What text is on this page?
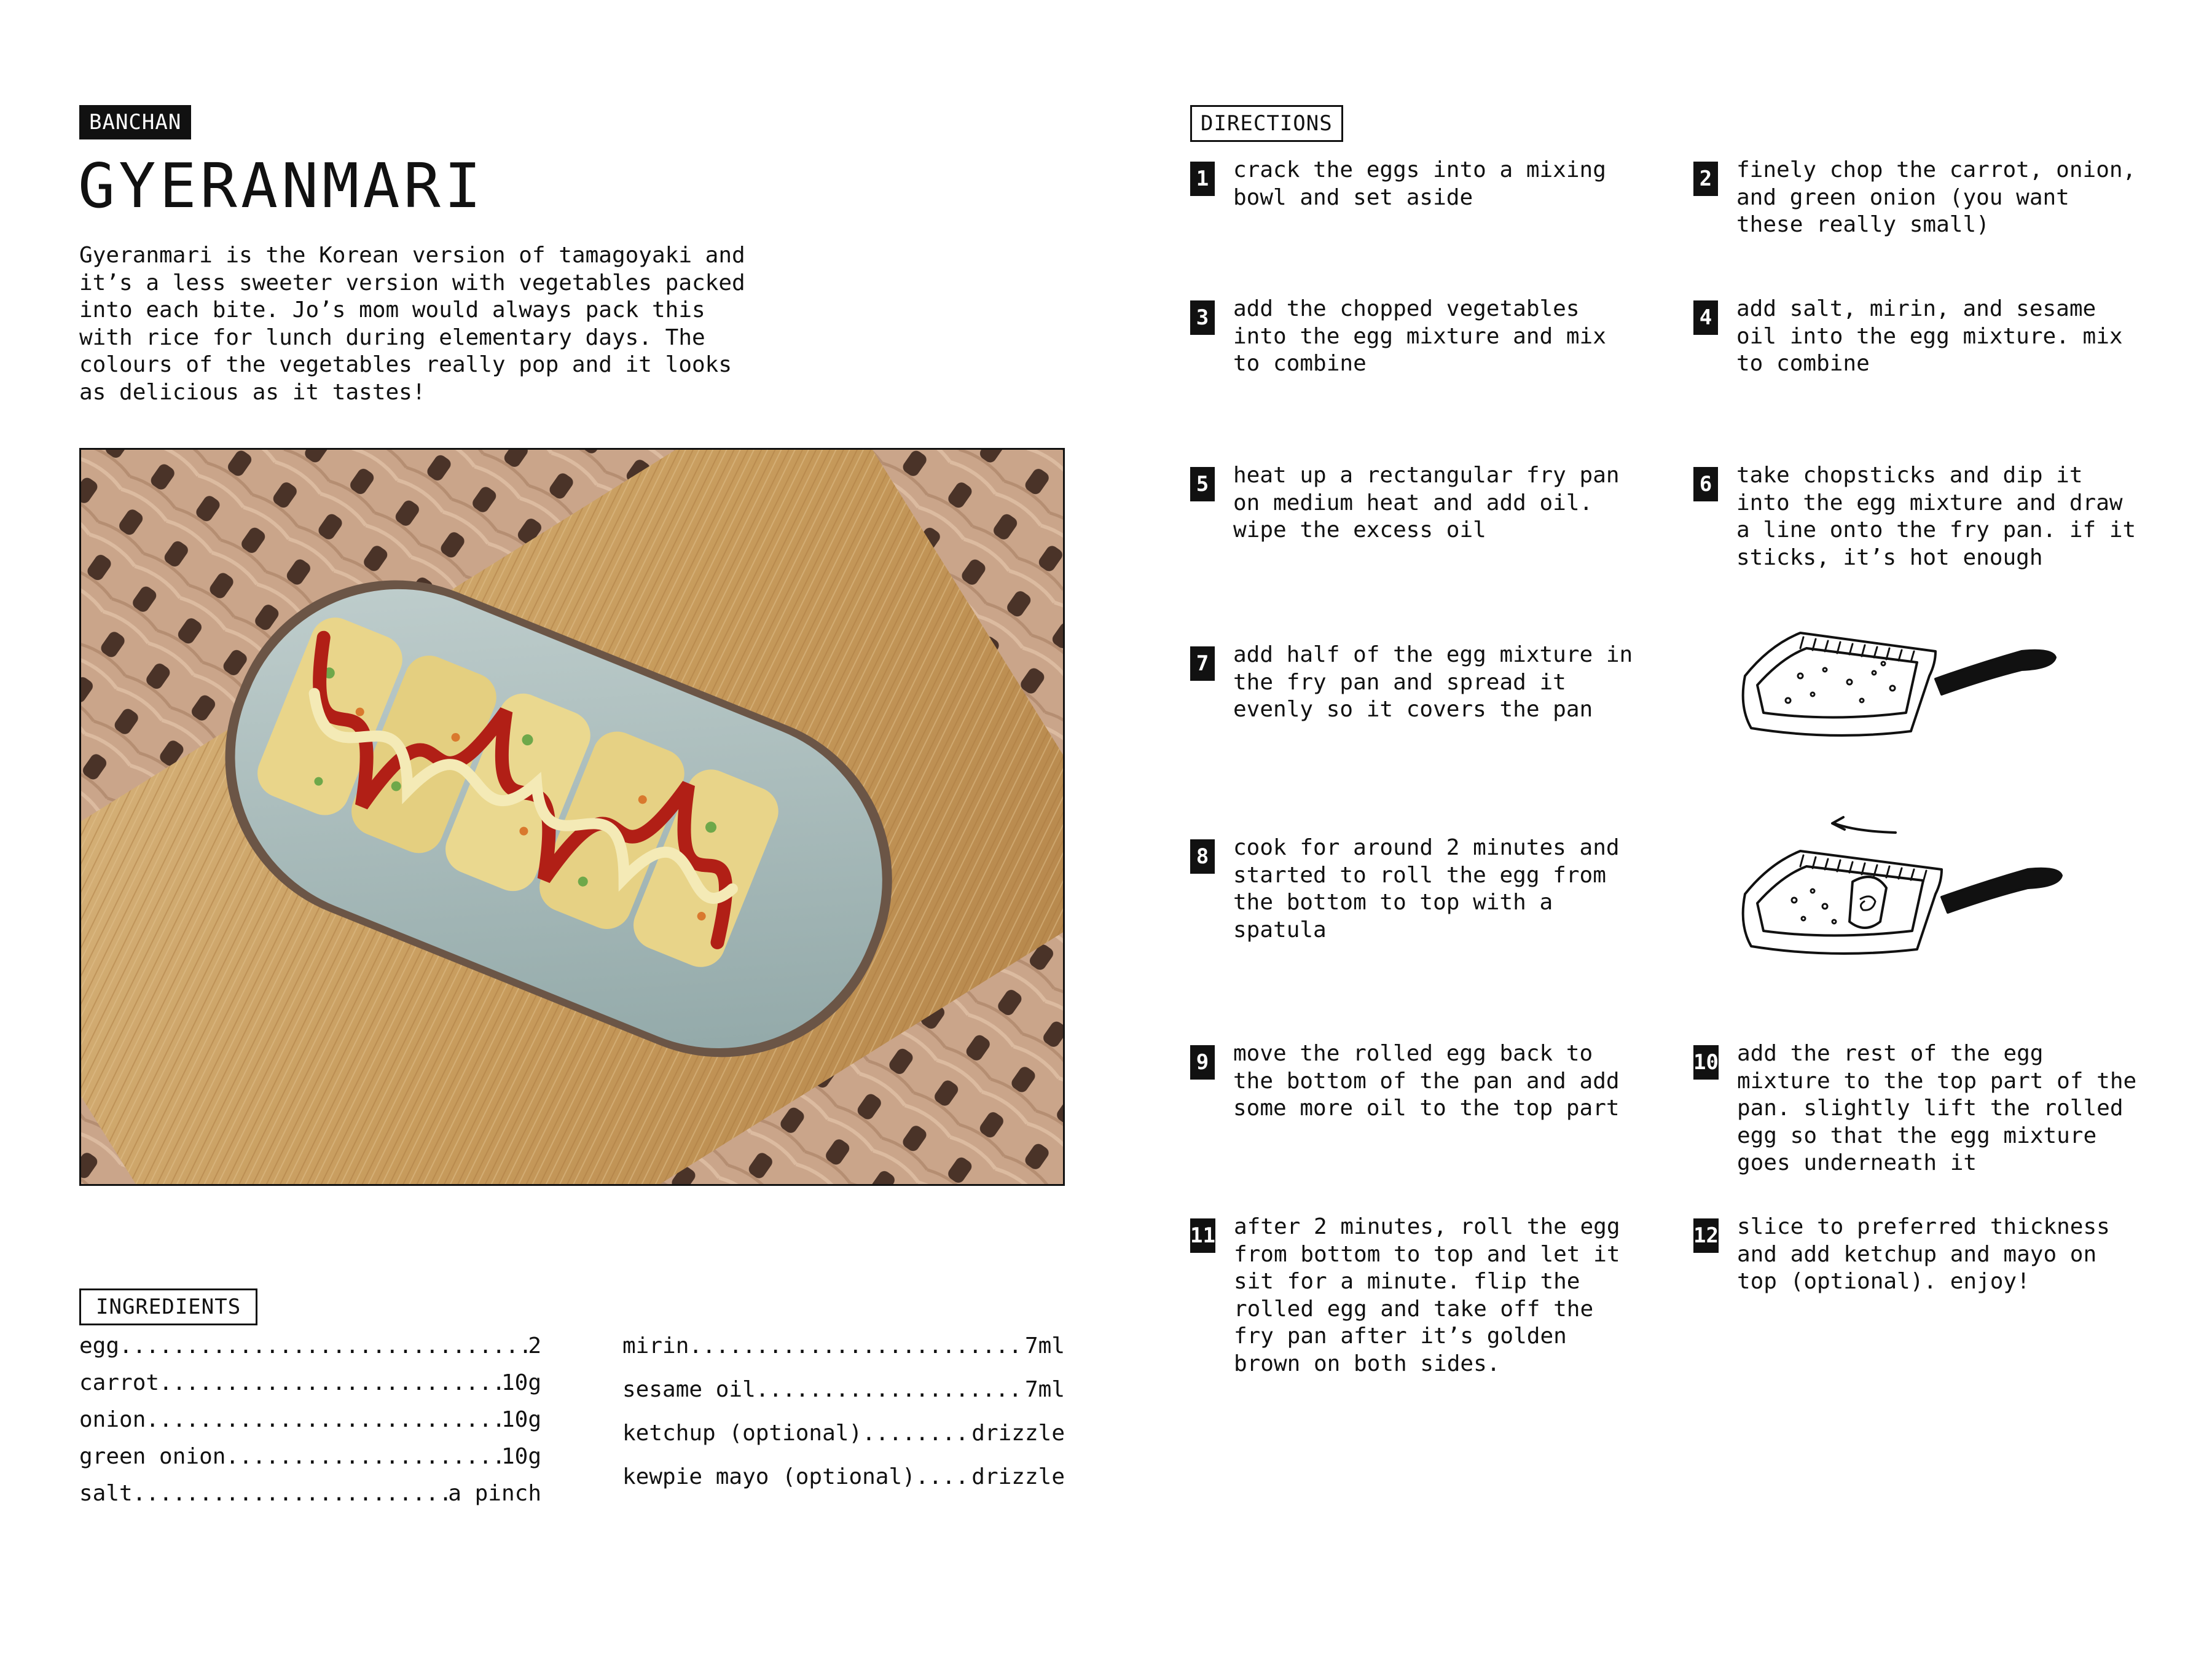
BANCHAN
GYERANMARI

Gyeranmari is the Korean version of tamagoyaki and
it’s a less sweeter version with vegetables packed
into each bite. Jo’s mom would always pack this
with rice for lunch during elementary days. The
colours of the vegetables really pop and it looks
as delicious as it tastes!

INGREDIENTS
egg .....	2
carrot .....	10g
onion .....	10g
green onion .....	10g
salt .....	a pinch
mirin .....	7ml
sesame oil .....	7ml
ketchup (optional) .....	drizzle
kewpie mayo (optional) .....	drizzle
DIRECTIONS
1 crack the eggs into a mixing
bowl and set aside
2 finely chop the carrot, onion,
and green onion (you want
these really small)
3 add the chopped vegetables
into the egg mixture and mix
to combine
4 add salt, mirin, and sesame
oil into the egg mixture. mix
to combine
5 heat up a rectangular fry pan
on medium heat and add oil.
wipe the excess oil
6 take chopsticks and dip it
into the egg mixture and draw
a line onto the fry pan. if it
sticks, it’s hot enough
7 add half of the egg mixture in
the fry pan and spread it
evenly so it covers the pan
8 cook for around 2 minutes and
started to roll the egg from
the bottom to top with a
spatula
9 move the rolled egg back to
the bottom of the pan and add
some more oil to the top part
10 add the rest of the egg
mixture to the top part of the
pan. slightly lift the rolled
egg so that the egg mixture
goes underneath it
11 after 2 minutes, roll the egg
from bottom to top and let it
sit for a minute. flip the
rolled egg and take off the
fry pan after it’s golden
brown on both sides.
12 slice to preferred thickness
and add ketchup and mayo on
top (optional). enjoy!
